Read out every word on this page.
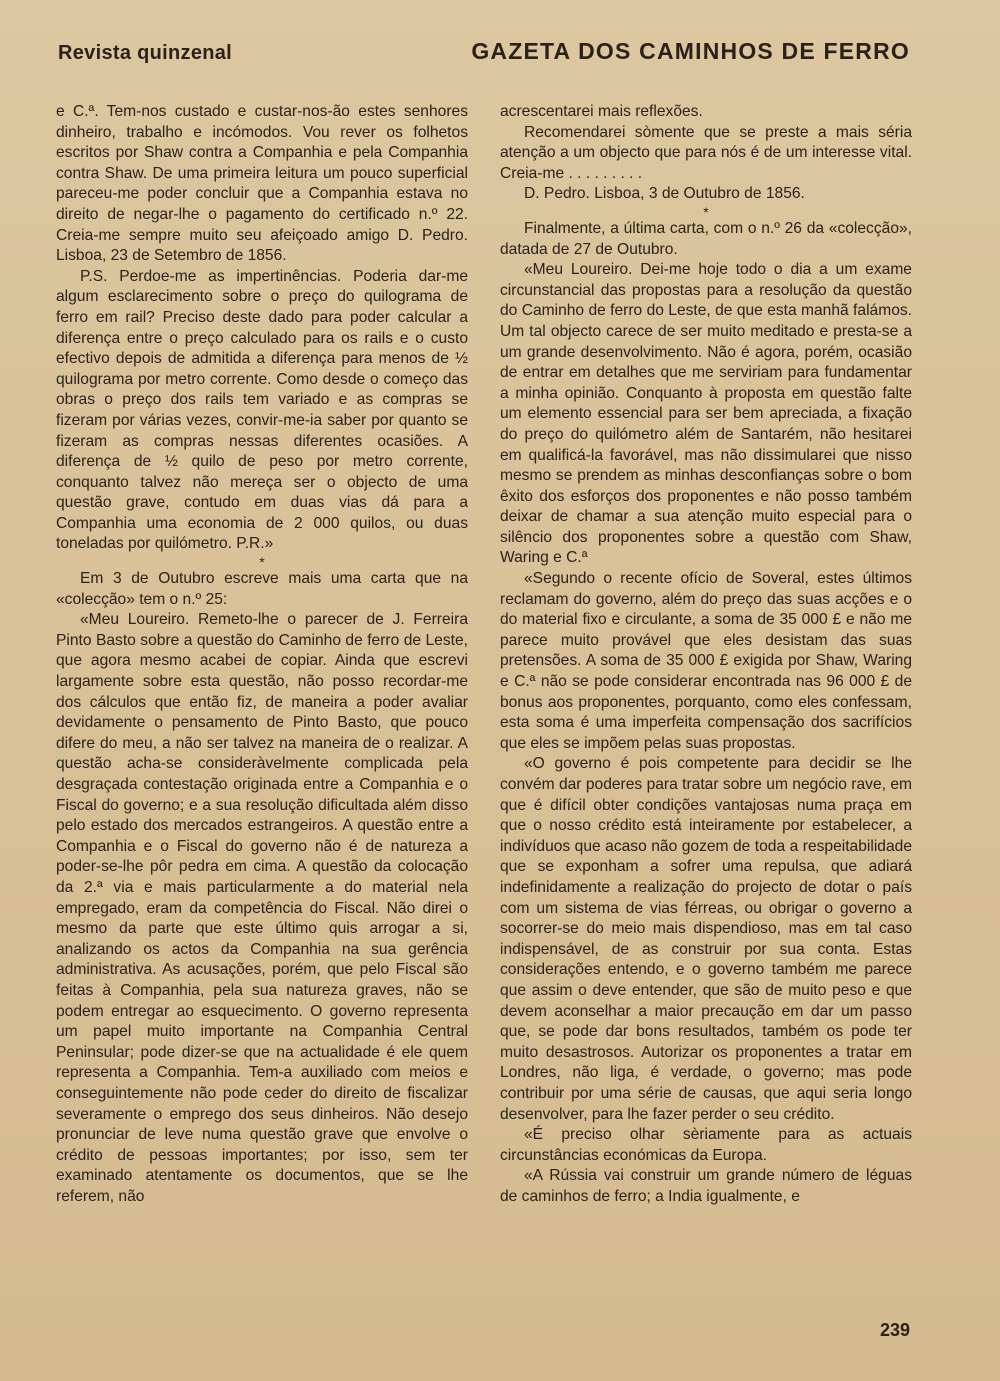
Revista quinzenal	GAZETA DOS CAMINHOS DE FERRO

e C.ª. Tem-nos custado e custar-nos-ão estes senhores dinheiro, trabalho e incómodos. Vou rever os folhetos escritos por Shaw contra a Companhia e pela Companhia contra Shaw. De uma primeira leitura um pouco superficial pareceu-me poder concluir que a Companhia estava no direito de negar-lhe o pagamento do certificado n.º 22. Creia-me sempre muito seu afeiçoado amigo D. Pedro. Lisboa, 23 de Setembro de 1856.

P.S. Perdoe-me as impertinências. Poderia dar-me algum esclarecimento sobre o preço do quilograma de ferro em rail? Preciso deste dado para poder calcular a diferença entre o preço calculado para os rails e o custo efectivo depois de admitida a diferença para menos de ½ quilograma por metro corrente. Como desde o começo das obras o preço dos rails tem variado e as compras se fizeram por várias vezes, convir-me-ia saber por quanto se fizeram as compras nessas diferentes ocasiões. A diferença de ½ quilo de peso por metro corrente, conquanto talvez não mereça ser o objecto de uma questão grave, contudo em duas vias dá para a Companhia uma economia de 2 000 quilos, ou duas toneladas por quilómetro. P.R.»

*

Em 3 de Outubro escreve mais uma carta que na «colecção» tem o n.º 25:

«Meu Loureiro. Remeto-lhe o parecer de J. Ferreira Pinto Basto sobre a questão do Caminho de ferro de Leste, que agora mesmo acabei de copiar. Ainda que escrevi largamente sobre esta questão, não posso recordar-me dos cálculos que então fiz, de maneira a poder avaliar devidamente o pensamento de Pinto Basto, que pouco difere do meu, a não ser talvez na maneira de o realizar. A questão acha-se consideràvelmente complicada pela desgraçada contestação originada entre a Companhia e o Fiscal do governo; e a sua resolução dificultada além disso pelo estado dos mercados estrangeiros. A questão entre a Companhia e o Fiscal do governo não é de natureza a poder-se-lhe pôr pedra em cima. A questão da colocação da 2.ª via e mais particularmente a do material nela empregado, eram da competência do Fiscal. Não direi o mesmo da parte que este último quis arrogar a si, analizando os actos da Companhia na sua gerência administrativa. As acusações, porém, que pelo Fiscal são feitas à Companhia, pela sua natureza graves, não se podem entregar ao esquecimento. O governo representa um papel muito importante na Companhia Central Peninsular; pode dizer-se que na actualidade é ele quem representa a Companhia. Tem-a auxiliado com meios e conseguintemente não pode ceder do direito de fiscalizar severamente o emprego dos seus dinheiros. Não desejo pronunciar de leve numa questão grave que envolve o crédito de pessoas importantes; por isso, sem ter examinado atentamente os documentos, que se lhe referem, não

acrescentarei mais reflexões.

Recomendarei sòmente que se preste a mais séria atenção a um objecto que para nós é de um interesse vital. Creia-me . . . . . . . . .

D. Pedro. Lisboa, 3 de Outubro de 1856.

*

Finalmente, a última carta, com o n.º 26 da «colecção», datada de 27 de Outubro.

«Meu Loureiro. Dei-me hoje todo o dia a um exame circunstancial das propostas para a resolução da questão do Caminho de ferro do Leste, de que esta manhã falámos. Um tal objecto carece de ser muito meditado e presta-se a um grande desenvolvimento. Não é agora, porém, ocasião de entrar em detalhes que me serviriam para fundamentar a minha opinião. Conquanto à proposta em questão falte um elemento essencial para ser bem apreciada, a fixação do preço do quilómetro além de Santarém, não hesitarei em qualificá-la favorável, mas não dissimularei que nisso mesmo se prendem as minhas desconfianças sobre o bom êxito dos esforços dos proponentes e não posso também deixar de chamar a sua atenção muito especial para o silêncio dos proponentes sobre a questão com Shaw, Waring e C.ª

«Segundo o recente ofício de Soveral, estes últimos reclamam do governo, além do preço das suas acções e o do material fixo e circulante, a soma de 35 000 £ e não me parece muito provável que eles desistam das suas pretensões. A soma de 35 000 £ exigida por Shaw, Waring e C.ª não se pode considerar encontrada nas 96 000 £ de bonus aos proponentes, porquanto, como eles confessam, esta soma é uma imperfeita compensação dos sacrifícios que eles se impõem pelas suas propostas.

«O governo é pois competente para decidir se lhe convém dar poderes para tratar sobre um negócio rave, em que é difícil obter condições vantajosas numa praça em que o nosso crédito está inteiramente por estabelecer, a indivíduos que acaso não gozem de toda a respeitabilidade que se exponham a sofrer uma repulsa, que adiará indefinidamente a realização do projecto de dotar o país com um sistema de vias férreas, ou obrigar o governo a socorrer-se do meio mais dispendioso, mas em tal caso indispensável, de as construir por sua conta. Estas considerações entendo, e o governo também me parece que assim o deve entender, que são de muito peso e que devem aconselhar a maior precaução em dar um passo que, se pode dar bons resultados, também os pode ter muito desastrosos. Autorizar os proponentes a tratar em Londres, não liga, é verdade, o governo; mas pode contribuir por uma série de causas, que aqui seria longo desenvolver, para lhe fazer perder o seu crédito.

«É preciso olhar sèriamente para as actuais circunstâncias económicas da Europa.

«A Rússia vai construir um grande número de léguas de caminhos de ferro; a India igualmente, e

239
